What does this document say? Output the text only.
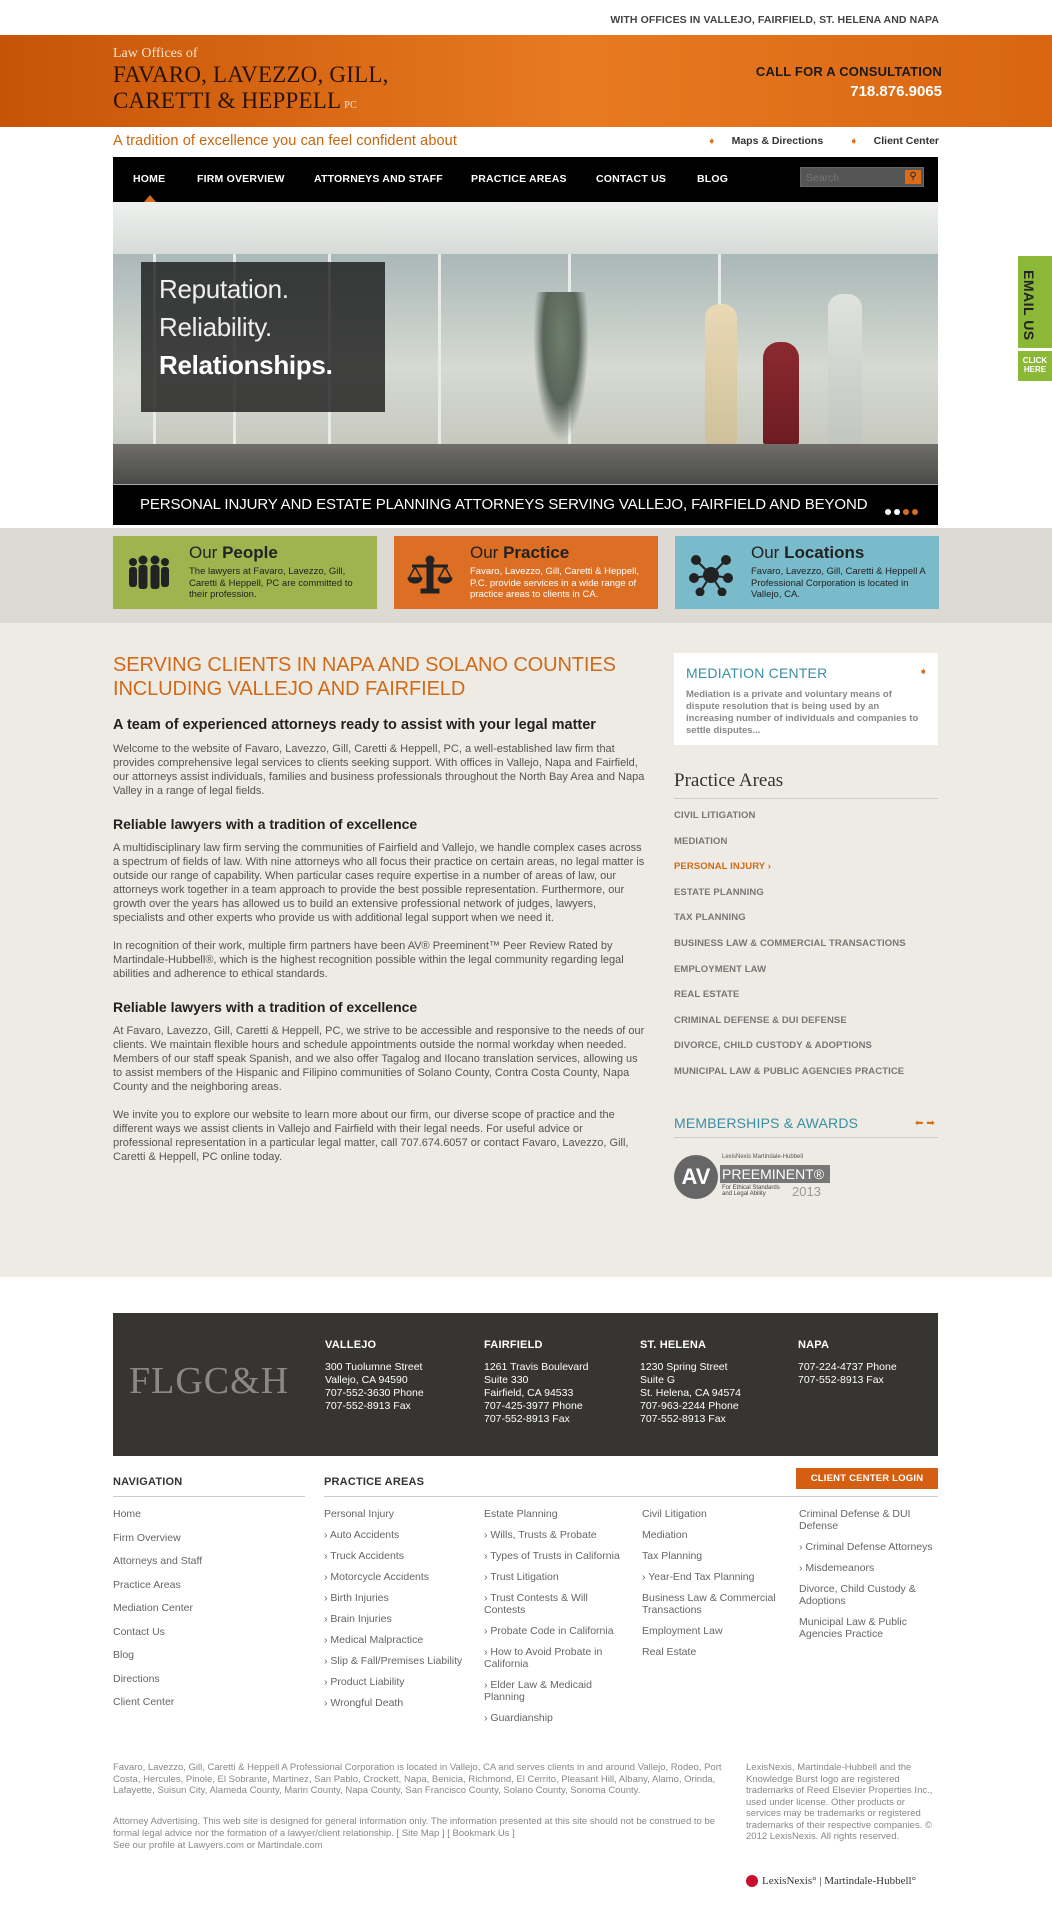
WITH OFFICES IN VALLEJO, FAIRFIELD, ST. HELENA AND NAPA
Law Offices of
FAVARO, LAVEZZO, GILL,
CARETTI & HEPPELL PC
CALL FOR A CONSULTATION
718.876.9065
A tradition of excellence you can feel confident about	➧ Maps & Directions	➧ Client Center
HOME	FIRM OVERVIEW	ATTORNEYS AND STAFF	PRACTICE AREAS	CONTACT US	BLOG
Search	⚲
Reputation.
Reliability.
Relationships.
PERSONAL INJURY AND ESTATE PLANNING ATTORNEYS SERVING VALLEJO, FAIRFIELD AND BEYOND
EMAIL US
CLICK HERE
Our People
The lawyers at Favaro, Lavezzo, Gill, Caretti & Heppell, PC are committed to their profession.
Our Practice
Favaro, Lavezzo, Gill, Caretti & Heppell, P.C. provide services in a wide range of practice areas to clients in CA.
Our Locations
Favaro, Lavezzo, Gill, Caretti & Heppell A Professional Corporation is located in Vallejo, CA.
SERVING CLIENTS IN NAPA AND SOLANO COUNTIES INCLUDING VALLEJO AND FAIRFIELD
A team of experienced attorneys ready to assist with your legal matter

Welcome to the website of Favaro, Lavezzo, Gill, Caretti & Heppell, PC, a well-established law firm that provides comprehensive legal services to clients seeking support. With offices in Vallejo, Napa and Fairfield, our attorneys assist individuals, families and business professionals throughout the North Bay Area and Napa Valley in a range of legal fields.

Reliable lawyers with a tradition of excellence

A multidisciplinary law firm serving the communities of Fairfield and Vallejo, we handle complex cases across a spectrum of fields of law. With nine attorneys who all focus their practice on certain areas, no legal matter is outside our range of capability. When particular cases require expertise in a number of areas of law, our attorneys work together in a team approach to provide the best possible representation. Furthermore, our growth over the years has allowed us to build an extensive professional network of judges, lawyers, specialists and other experts who provide us with additional legal support when we need it.

In recognition of their work, multiple firm partners have been AV® Preeminent™ Peer Review Rated by Martindale-Hubbell®, which is the highest recognition possible within the legal community regarding legal abilities and adherence to ethical standards.

Reliable lawyers with a tradition of excellence

At Favaro, Lavezzo, Gill, Caretti & Heppell, PC, we strive to be accessible and responsive to the needs of our clients. We maintain flexible hours and schedule appointments outside the normal workday when needed. Members of our staff speak Spanish, and we also offer Tagalog and Ilocano translation services, allowing us to assist members of the Hispanic and Filipino communities of Solano County, Contra Costa County, Napa County and the neighboring areas.

We invite you to explore our website to learn more about our firm, our diverse scope of practice and the different ways we assist clients in Vallejo and Fairfield with their legal needs. For useful advice or professional representation in a particular legal matter, call 707.674.6057 or contact Favaro, Lavezzo, Gill, Caretti & Heppell, PC online today.

MEDIATION CENTER	➧
Mediation is a private and voluntary means of dispute resolution that is being used by an increasing number of individuals and companies to settle disputes...
Practice Areas
CIVIL LITIGATION
MEDIATION
PERSONAL INJURY ›
ESTATE PLANNING
TAX PLANNING
BUSINESS LAW & COMMERCIAL TRANSACTIONS
EMPLOYMENT LAW
REAL ESTATE
CRIMINAL DEFENSE & DUI DEFENSE
DIVORCE, CHILD CUSTODY & ADOPTIONS
MUNICIPAL LAW & PUBLIC AGENCIES PRACTICE
MEMBERSHIPS & AWARDS	⬅ ➡
AV
LexisNexis Martindale-Hubbell
PREEMINENT®
For Ethical Standards and Legal Ability	2013
FLGC&H
VALLEJO
300 Tuolumne Street
Vallejo, CA 94590
707-552-3630 Phone
707-552-8913 Fax
FAIRFIELD
1261 Travis Boulevard
Suite 330
Fairfield, CA 94533
707-425-3977 Phone
707-552-8913 Fax
ST. HELENA
1230 Spring Street
Suite G
St. Helena, CA 94574
707-963-2244 Phone
707-552-8913 Fax
NAPA
707-224-4737 Phone
707-552-8913 Fax
NAVIGATION	PRACTICE AREAS	CLIENT CENTER LOGIN
Home
Firm Overview
Attorneys and Staff
Practice Areas
Mediation Center
Contact Us
Blog
Directions
Client Center
Personal Injury
› Auto Accidents
› Truck Accidents
› Motorcycle Accidents
› Birth Injuries
› Brain Injuries
› Medical Malpractice
› Slip & Fall/Premises Liability
› Product Liability
› Wrongful Death
Estate Planning
› Wills, Trusts & Probate
› Types of Trusts in California
› Trust Litigation
› Trust Contests & Will Contests
› Probate Code in California
› How to Avoid Probate in California
› Elder Law & Medicaid Planning
› Guardianship
Civil Litigation
Mediation
Tax Planning
› Year-End Tax Planning
Business Law & Commercial Transactions
Employment Law
Real Estate
Criminal Defense & DUI Defense
› Criminal Defense Attorneys
› Misdemeanors
Divorce, Child Custody & Adoptions
Municipal Law & Public Agencies Practice
Favaro, Lavezzo, Gill, Caretti & Heppell A Professional Corporation is located in Vallejo, CA and serves clients in and around Vallejo, Rodeo, Port Costa, Hercules, Pinole, El Sobrante, Martinez, San Pablo, Crockett, Napa, Benicia, Richmond, El Cerrito, Pleasant Hill, Albany, Alamo, Orinda, Lafayette, Suisun City, Alameda County, Marin County, Napa County, San Francisco County, Solano County, Sonoma County.
Attorney Advertising. This web site is designed for general information only. The information presented at this site should not be construed to be formal legal advice nor the formation of a lawyer/client relationship. [ Site Map ] [ Bookmark Us ]
See our profile at Lawyers.com or Martindale.com
LexisNexis, Martindale-Hubbell and the Knowledge Burst logo are registered trademarks of Reed Elsevier Properties Inc., used under license. Other products or services may be trademarks or registered trademarks of their respective companies. © 2012 LexisNexis. All rights reserved.
LexisNexis° | Martindale-Hubbell°
